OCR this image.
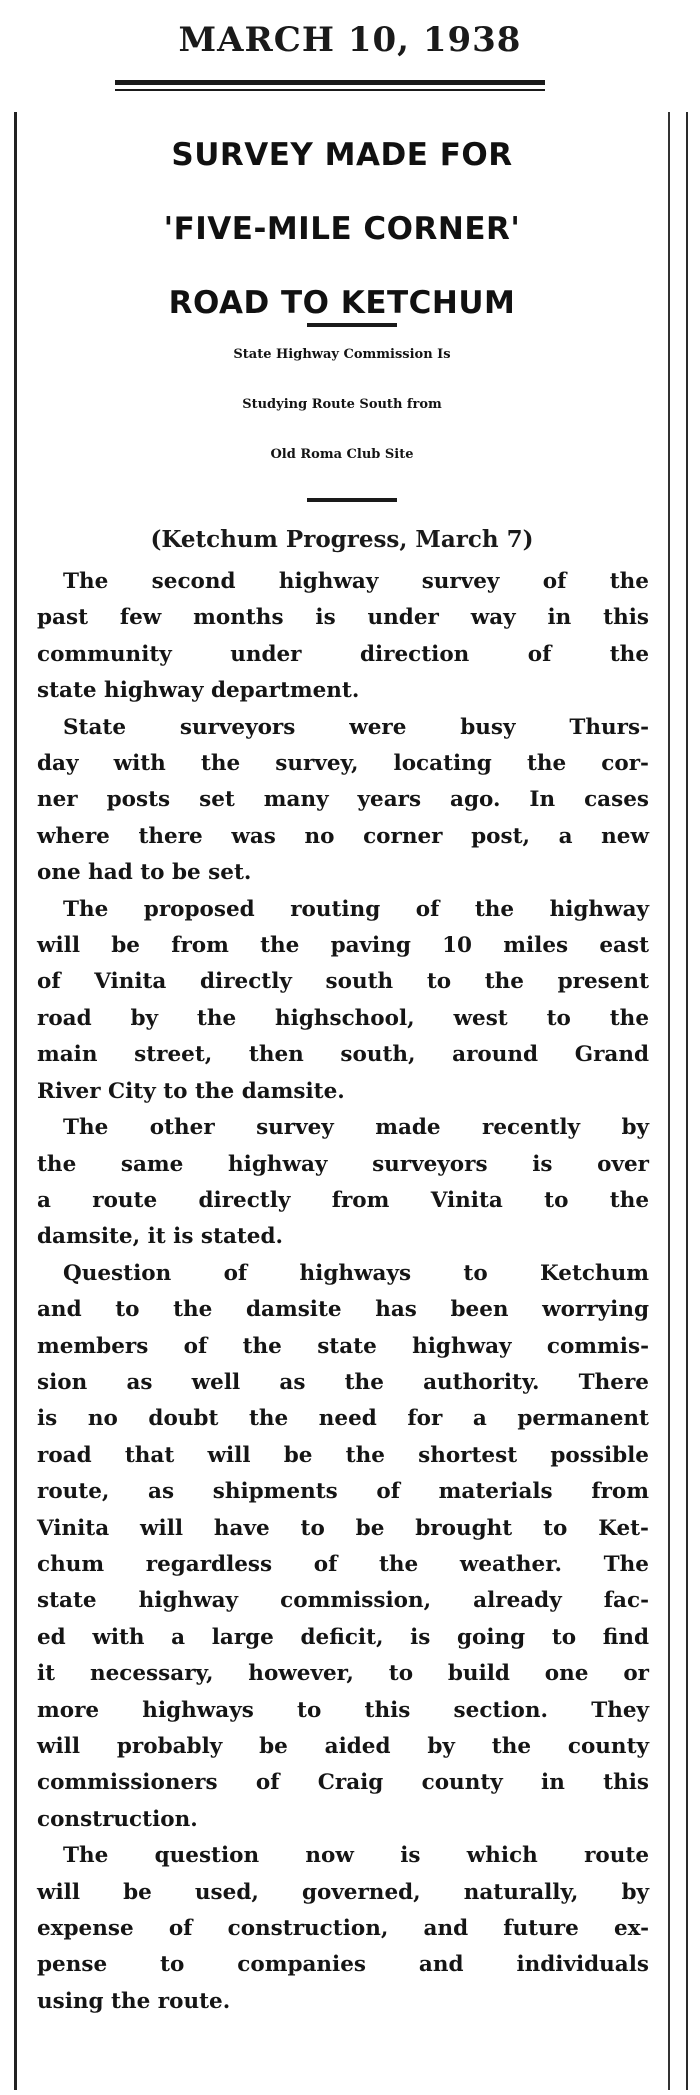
MARCH 10, 1938
SURVEY MADE FOR
'FIVE-MILE CORNER'
ROAD TO KETCHUM
State Highway Commission Is
Studying Route South from
Old Roma Club Site
(Ketchum Progress, March 7)

The second highway survey of the
past few months is under way in this
community under direction of the
state highway department.

State surveyors were busy Thurs-
day with the survey, locating the cor-
ner posts set many years ago. In cases
where there was no corner post, a new
one had to be set.

The proposed routing of the highway
will be from the paving 10 miles east
of Vinita directly south to the present
road by the highschool, west to the
main street, then south, around Grand
River City to the damsite.

The other survey made recently by
the same highway surveyors is over
a route directly from Vinita to the
damsite, it is stated.

Question of highways to Ketchum
and to the damsite has been worrying
members of the state highway commis-
sion as well as the authority. There
is no doubt the need for a permanent
road that will be the shortest possible
route, as shipments of materials from
Vinita will have to be brought to Ket-
chum regardless of the weather. The
state highway commission, already fac-
ed with a large deficit, is going to find
it necessary, however, to build one or
more highways to this section. They
will probably be aided by the county
commissioners of Craig county in this
construction.

The question now is which route
will be used, governed, naturally, by
expense of construction, and future ex-
pense to companies and individuals
using the route.
